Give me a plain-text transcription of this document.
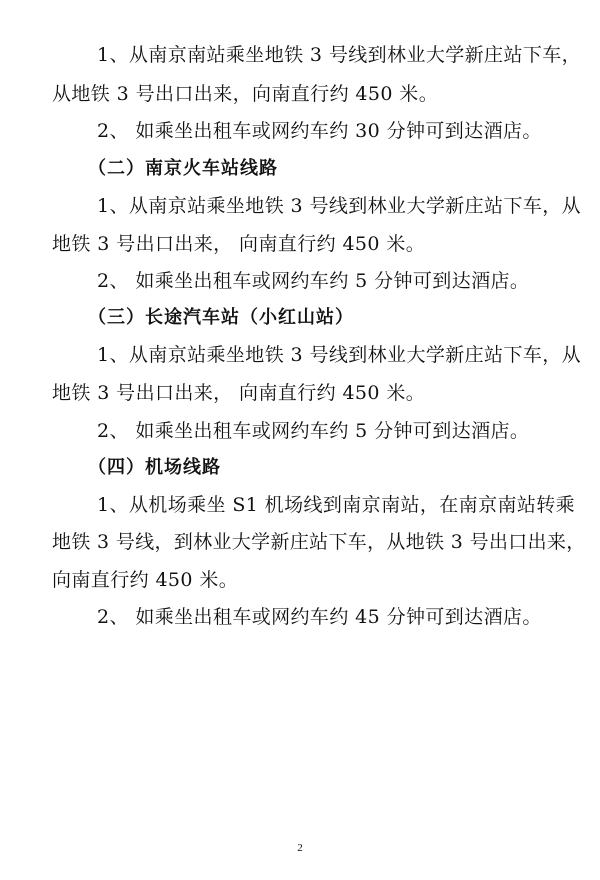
1、从南京南站乘坐地铁 3 号线到林业大学新庄站下车，
从地铁 3 号出口出来，向南直行约 450 米。
2、 如乘坐出租车或网约车约 30 分钟可到达酒店。
（二）南京火车站线路
1、从南京站乘坐地铁 3 号线到林业大学新庄站下车，从
地铁 3 号出口出来， 向南直行约 450 米。
2、 如乘坐出租车或网约车约 5 分钟可到达酒店。
（三）长途汽车站（小红山站）
1、从南京站乘坐地铁 3 号线到林业大学新庄站下车，从
地铁 3 号出口出来， 向南直行约 450 米。
2、 如乘坐出租车或网约车约 5 分钟可到达酒店。
（四）机场线路
1、从机场乘坐 S1 机场线到南京南站，在南京南站转乘
地铁 3 号线，到林业大学新庄站下车，从地铁 3 号出口出来，
向南直行约 450 米。
2、 如乘坐出租车或网约车约 45 分钟可到达酒店。
2
